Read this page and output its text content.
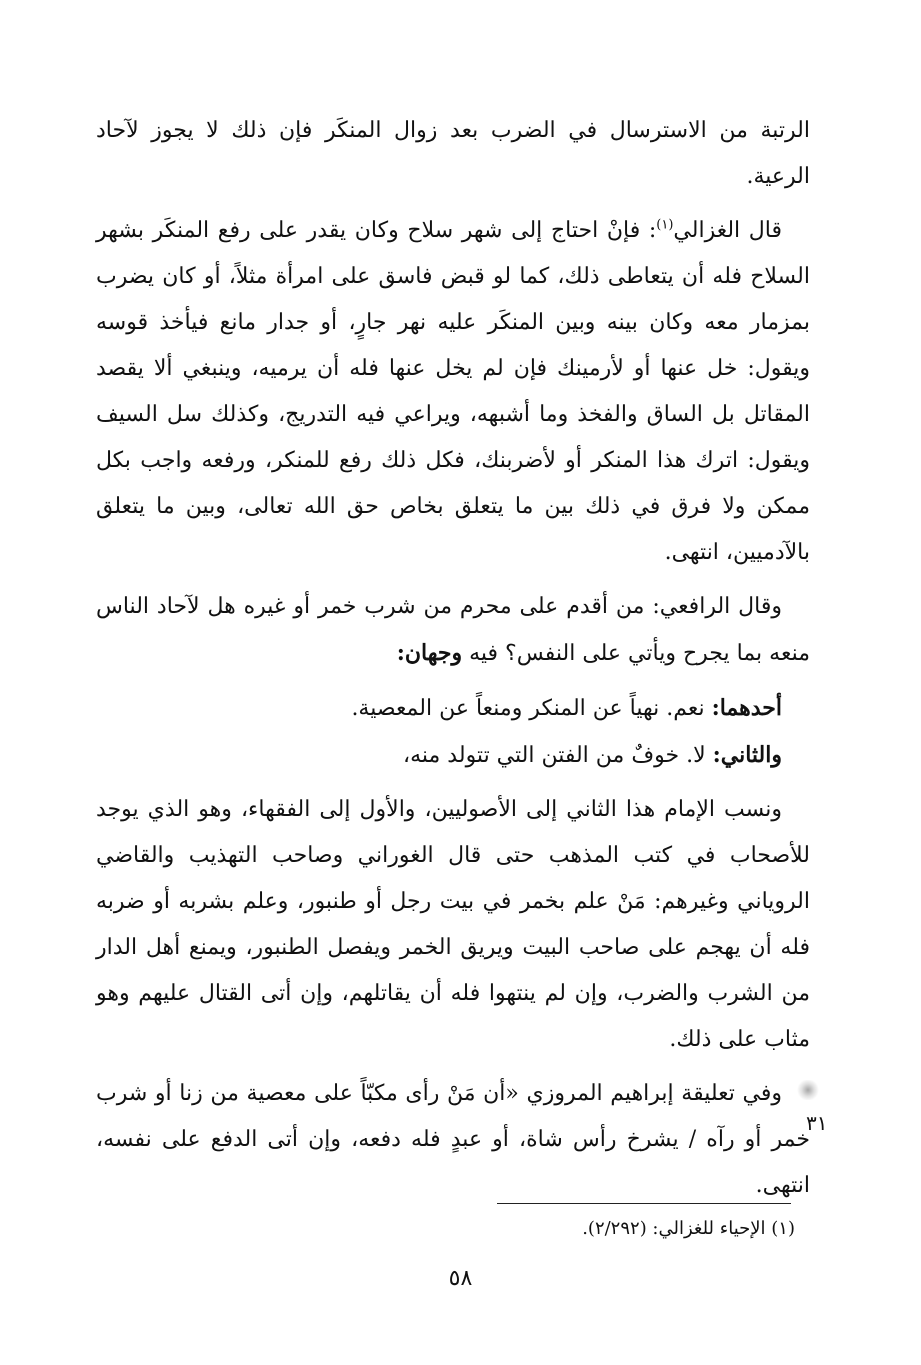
الرتبة من الاسترسال في الضرب بعد زوال المنكَر فإن ذلك لا يجوز لآحاد الرعية.

قال الغزالي$^{(١)}$: فإنْ احتاج إلى شهر سلاح وكان يقدر على رفع المنكَر بشهر السلاح فله أن يتعاطى ذلك، كما لو قبض فاسق على امرأة مثلاً، أو كان يضرب بمزمار معه وكان بينه وبين المنكَر عليه نهر جارٍ، أو جدار مانع فيأخذ قوسه ويقول: خل عنها أو لأرمينك فإن لم يخل عنها فله أن يرميه، وينبغي ألا يقصد المقاتل بل الساق والفخذ وما أشبهه، ويراعي فيه التدريج، وكذلك سل السيف ويقول: اترك هذا المنكر أو لأضربنك، فكل ذلك رفع للمنكر، ورفعه واجب بكل ممكن ولا فرق في ذلك بين ما يتعلق بخاص حق الله تعالى، وبين ما يتعلق بالآدميين، انتهى.

وقال الرافعي: من أقدم على محرم من شرب خمر أو غيره هل لآحاد الناس منعه بما يجرح ويأتي على النفس؟ فيه وجهان:

أحدهما: نعم. نهياً عن المنكر ومنعاً عن المعصية.

والثاني: لا. خوفٌ من الفتن التي تتولد منه،

ونسب الإمام هذا الثاني إلى الأصوليين، والأول إلى الفقهاء، وهو الذي يوجد للأصحاب في كتب المذهب حتى قال الغوراني وصاحب التهذيب والقاضي الروياني وغيرهم: مَنْ علم بخمر في بيت رجل أو طنبور، وعلم بشربه أو ضربه فله أن يهجم على صاحب البيت ويريق الخمر ويفصل الطنبور، ويمنع أهل الدار من الشرب والضرب، وإن لم ينتهوا فله أن يقاتلهم، وإن أتى القتال عليهم وهو مثاب على ذلك.

وفي تعليقة إبراهيم المروزي «أن مَنْ رأى مكبّاً على معصية من زنا أو شرب خمر أو رآه / يشرخ رأس شاة، أو عبدٍ فله دفعه، وإن أتى الدفع على نفسه، انتهى.

٣١
(١) الإحياء للغزالي: (٢/٢٩٢).
٥٨
